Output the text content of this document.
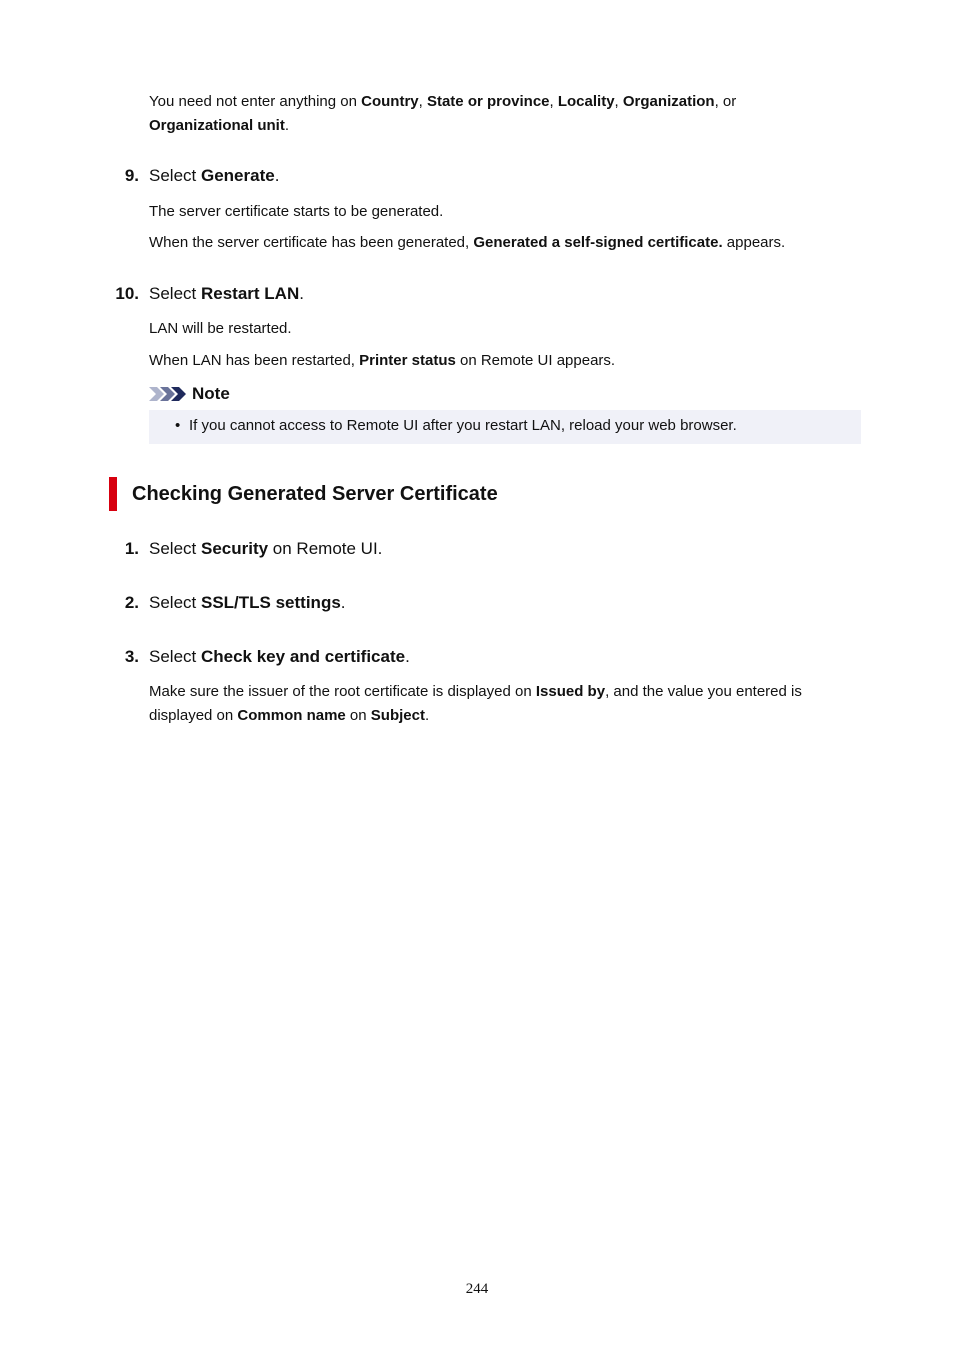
You need not enter anything on Country, State or province, Locality, Organization, or
Organizational unit.
9. Select Generate.
The server certificate starts to be generated.
When the server certificate has been generated, Generated a self-signed certificate. appears.
10. Select Restart LAN.
LAN will be restarted.
When LAN has been restarted, Printer status on Remote UI appears.
Note
• If you cannot access to Remote UI after you restart LAN, reload your web browser.
Checking Generated Server Certificate
1. Select Security on Remote UI.
2. Select SSL/TLS settings.
3. Select Check key and certificate.
Make sure the issuer of the root certificate is displayed on Issued by, and the value you entered is
displayed on Common name on Subject.
244
